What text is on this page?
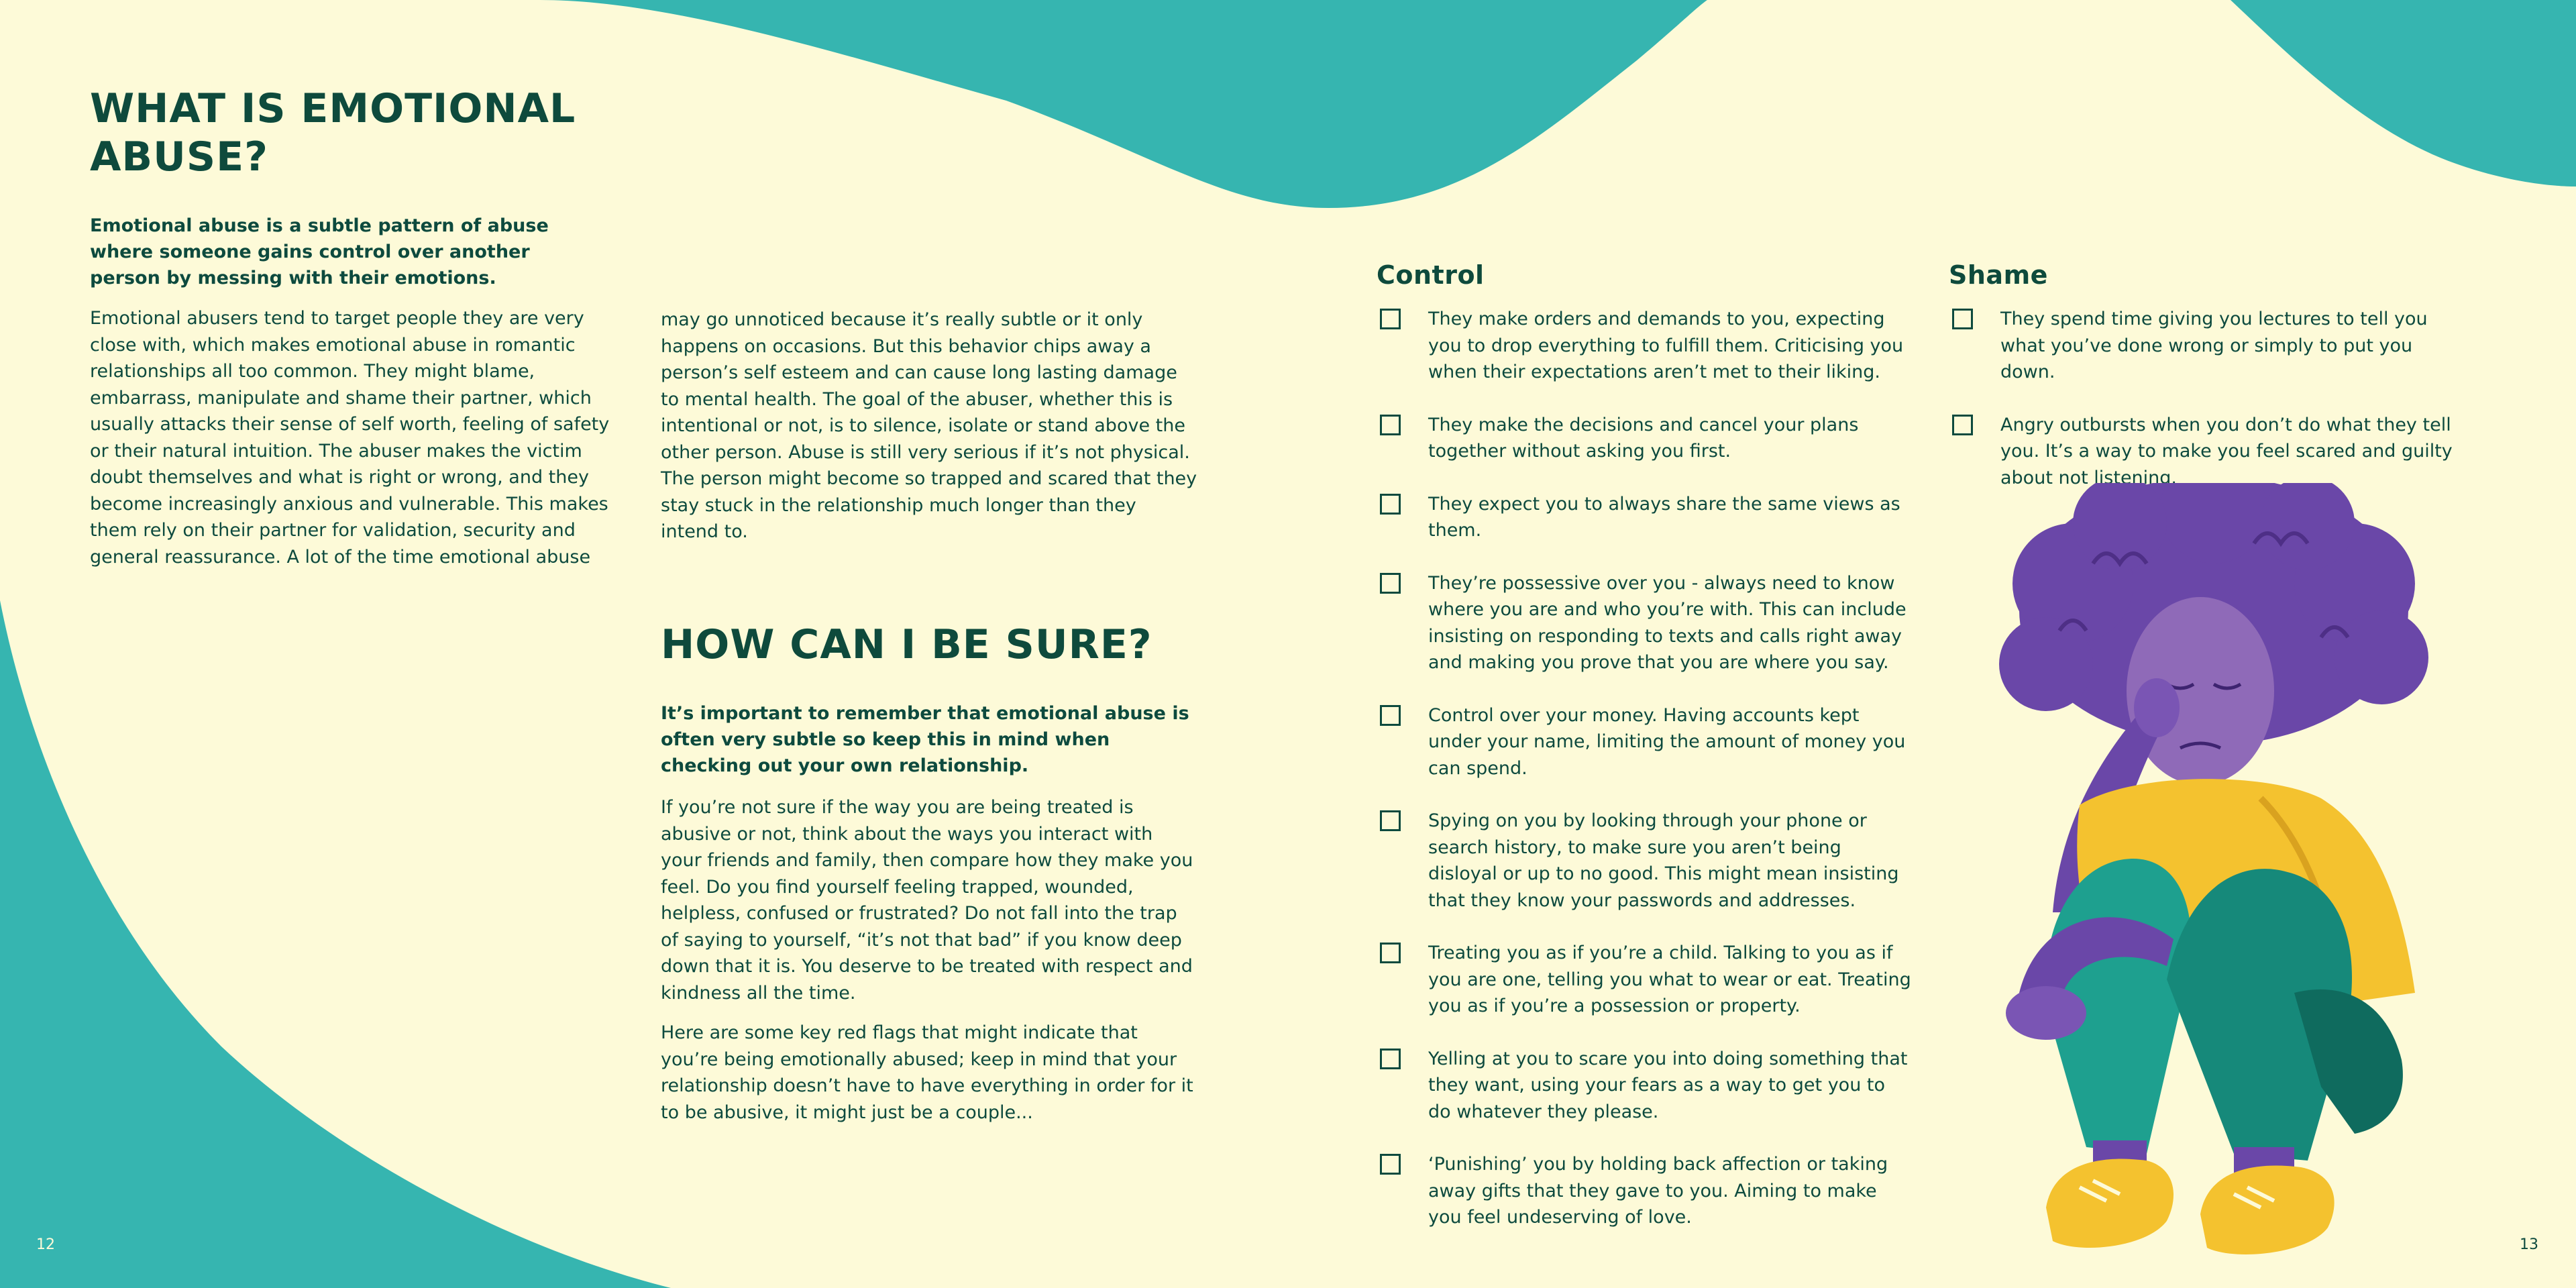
WHAT IS EMOTIONAL ABUSE?

Emotional abuse is a subtle pattern of abuse where someone gains control over another person by messing with their emotions.

Emotional abusers tend to target people they are very close with, which makes emotional abuse in romantic relationships all too common. They might blame, embarrass, manipulate and shame their partner, which usually attacks their sense of self worth, feeling of safety or their natural intuition. The abuser makes the victim doubt themselves and what is right or wrong, and they become increasingly anxious and vulnerable. This makes them rely on their partner for validation, security and general reassurance. A lot of the time emotional abuse

may go unnoticed because it’s really subtle or it only happens on occasions. But this behavior chips away a person’s self esteem and can cause long lasting damage to mental health. The goal of the abuser, whether this is intentional or not, is to silence, isolate or stand above the other person. Abuse is still very serious if it’s not physical. The person might become so trapped and scared that they stay stuck in the relationship much longer than they intend to.

HOW CAN I BE SURE?

It’s important to remember that emotional abuse is often very subtle so keep this in mind when checking out your own relationship.

If you’re not sure if the way you are being treated is abusive or not, think about the ways you interact with your friends and family, then compare how they make you feel. Do you find yourself feeling trapped, wounded, helpless, confused or frustrated? Do not fall into the trap of saying to yourself, “it’s not that bad” if you know deep down that it is. You deserve to be treated with respect and kindness all the time.

Here are some key red flags that might indicate that you’re being emotionally abused; keep in mind that your relationship doesn’t have to have everything in order for it to be abusive, it might just be a couple...

12
Control
They make orders and demands to you, expecting you to drop everything to fulfill them. Criticising you when their expectations aren’t met to their liking.
They make the decisions and cancel your plans together without asking you first.
They expect you to always share the same views as them.
They’re possessive over you - always need to know where you are and who you’re with. This can include insisting on responding to texts and calls right away and making you prove that you are where you say.
Control over your money. Having accounts kept under your name, limiting the amount of money you can spend.
Spying on you by looking through your phone or search history, to make sure you aren’t being disloyal or up to no good. This might mean insisting that they know your passwords and addresses.
Treating you as if you’re a child. Talking to you as if you are one, telling you what to wear or eat. Treating you as if you’re a possession or property.
Yelling at you to scare you into doing something that they want, using your fears as a way to get you to do whatever they please.
‘Punishing’ you by holding back affection or taking away gifts that they gave to you. Aiming to make you feel undeserving of love.
Shame
They spend time giving you lectures to tell you what you’ve done wrong or simply to put you down.
Angry outbursts when you don’t do what they tell you. It’s a way to make you feel scared and guilty about not listening.
13
